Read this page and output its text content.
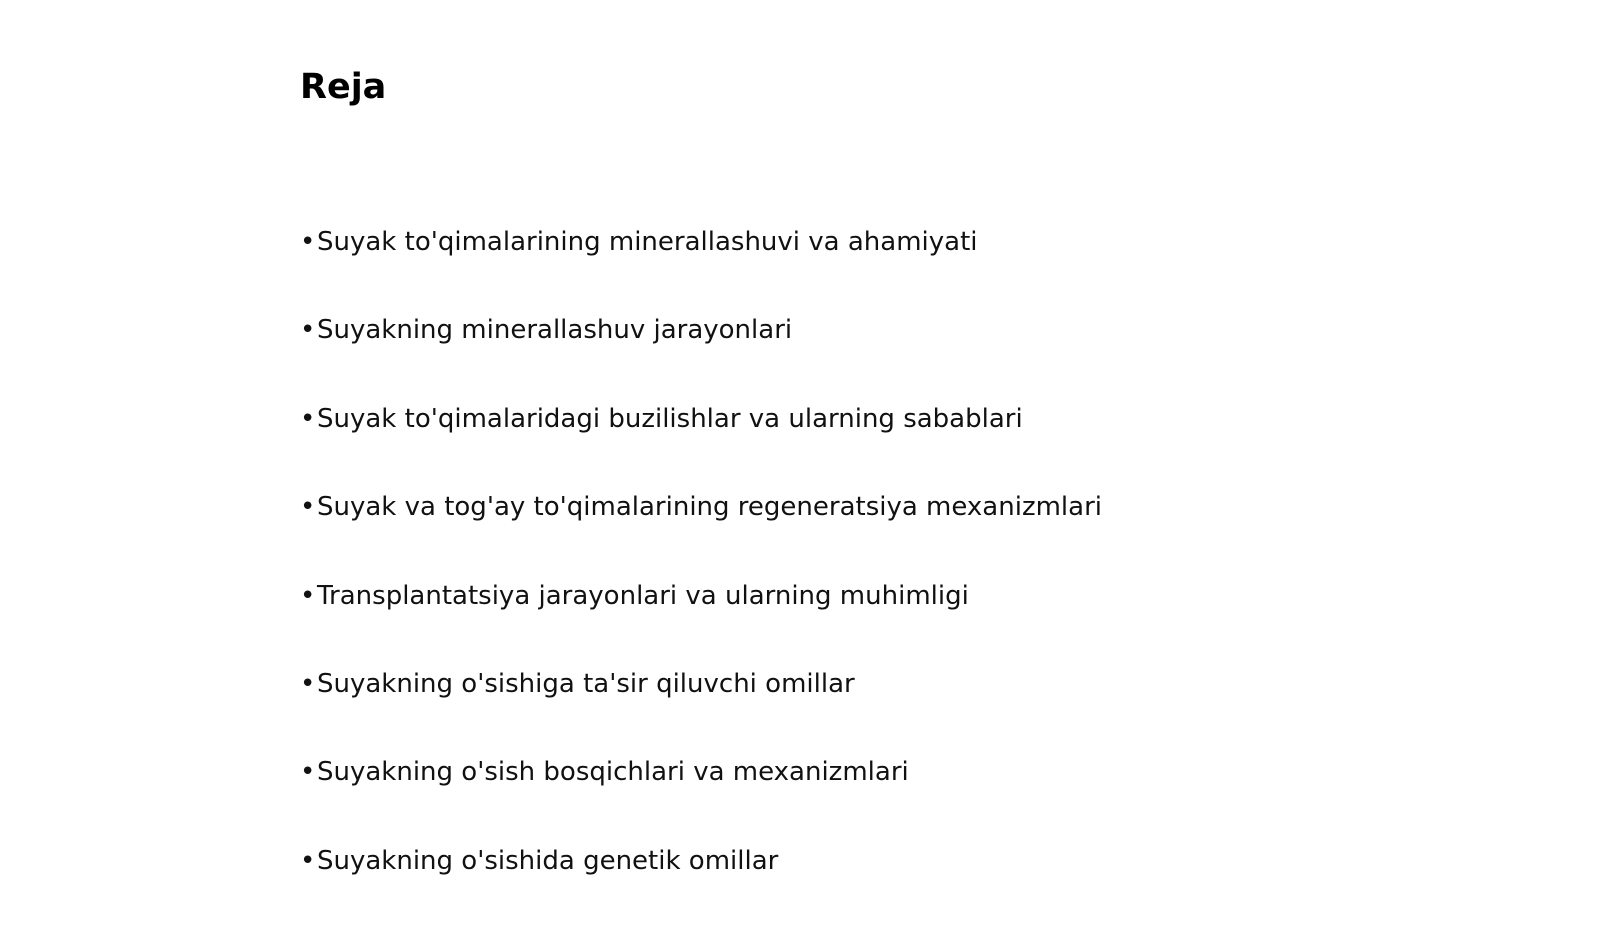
Reja
•Suyak to'qimalarining minerallashuvi va ahamiyati
•Suyakning minerallashuv jarayonlari
•Suyak to'qimalaridagi buzilishlar va ularning sabablari
•Suyak va tog'ay to'qimalarining regeneratsiya mexanizmlari
•Transplantatsiya jarayonlari va ularning muhimligi
•Suyakning o'sishiga ta'sir qiluvchi omillar
•Suyakning o'sish bosqichlari va mexanizmlari
•Suyakning o'sishida genetik omillar
